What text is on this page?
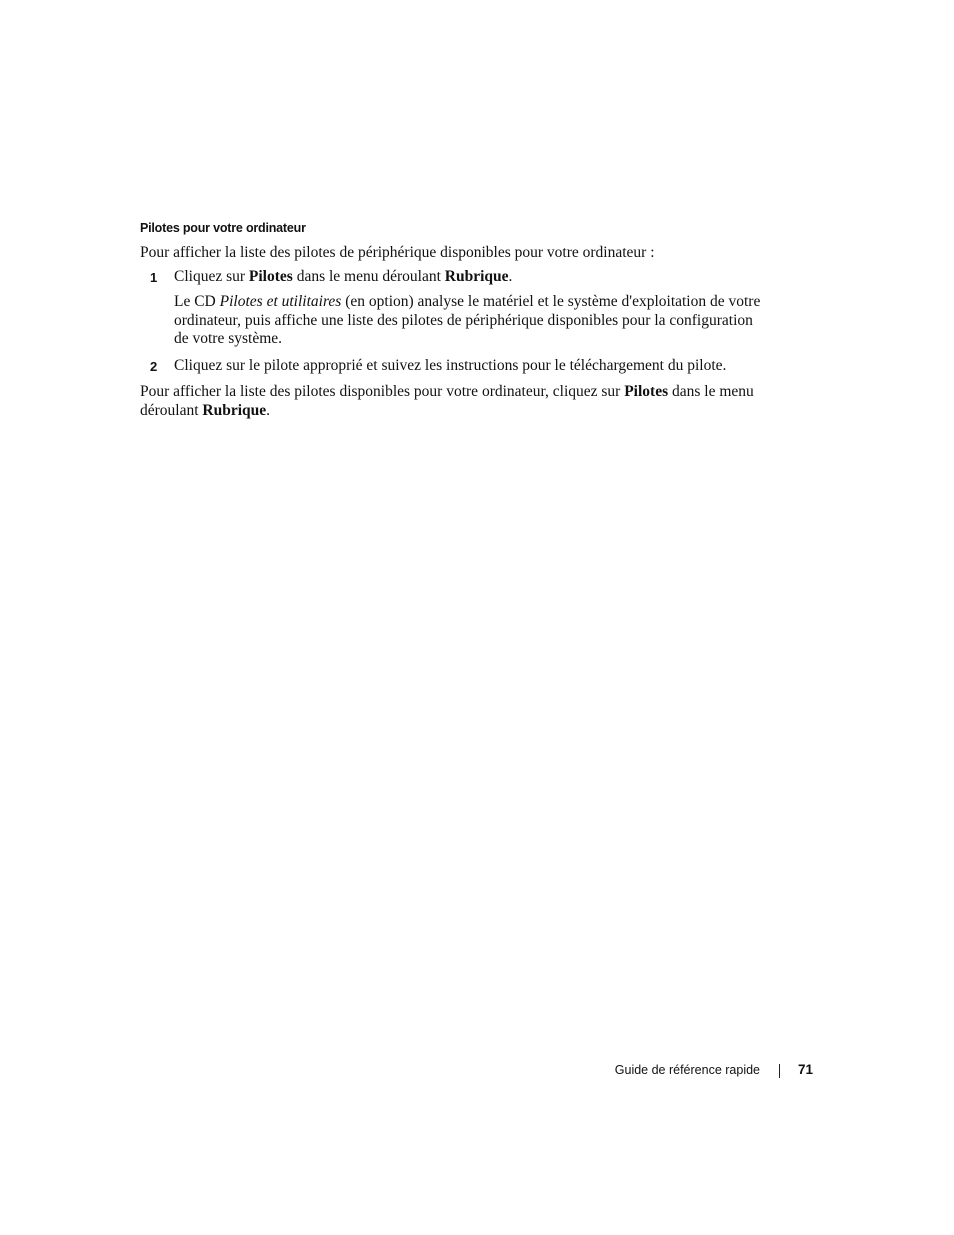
Pilotes pour votre ordinateur

Pour afficher la liste des pilotes de périphérique disponibles pour votre ordinateur :

1 Cliquez sur Pilotes dans le menu déroulant Rubrique.

Le CD Pilotes et utilitaires (en option) analyse le matériel et le système d'exploitation de votre ordinateur, puis affiche une liste des pilotes de périphérique disponibles pour la configuration de votre système.

2 Cliquez sur le pilote approprié et suivez les instructions pour le téléchargement du pilote.

Pour afficher la liste des pilotes disponibles pour votre ordinateur, cliquez sur Pilotes dans le menu déroulant Rubrique.

Guide de référence rapide	71
